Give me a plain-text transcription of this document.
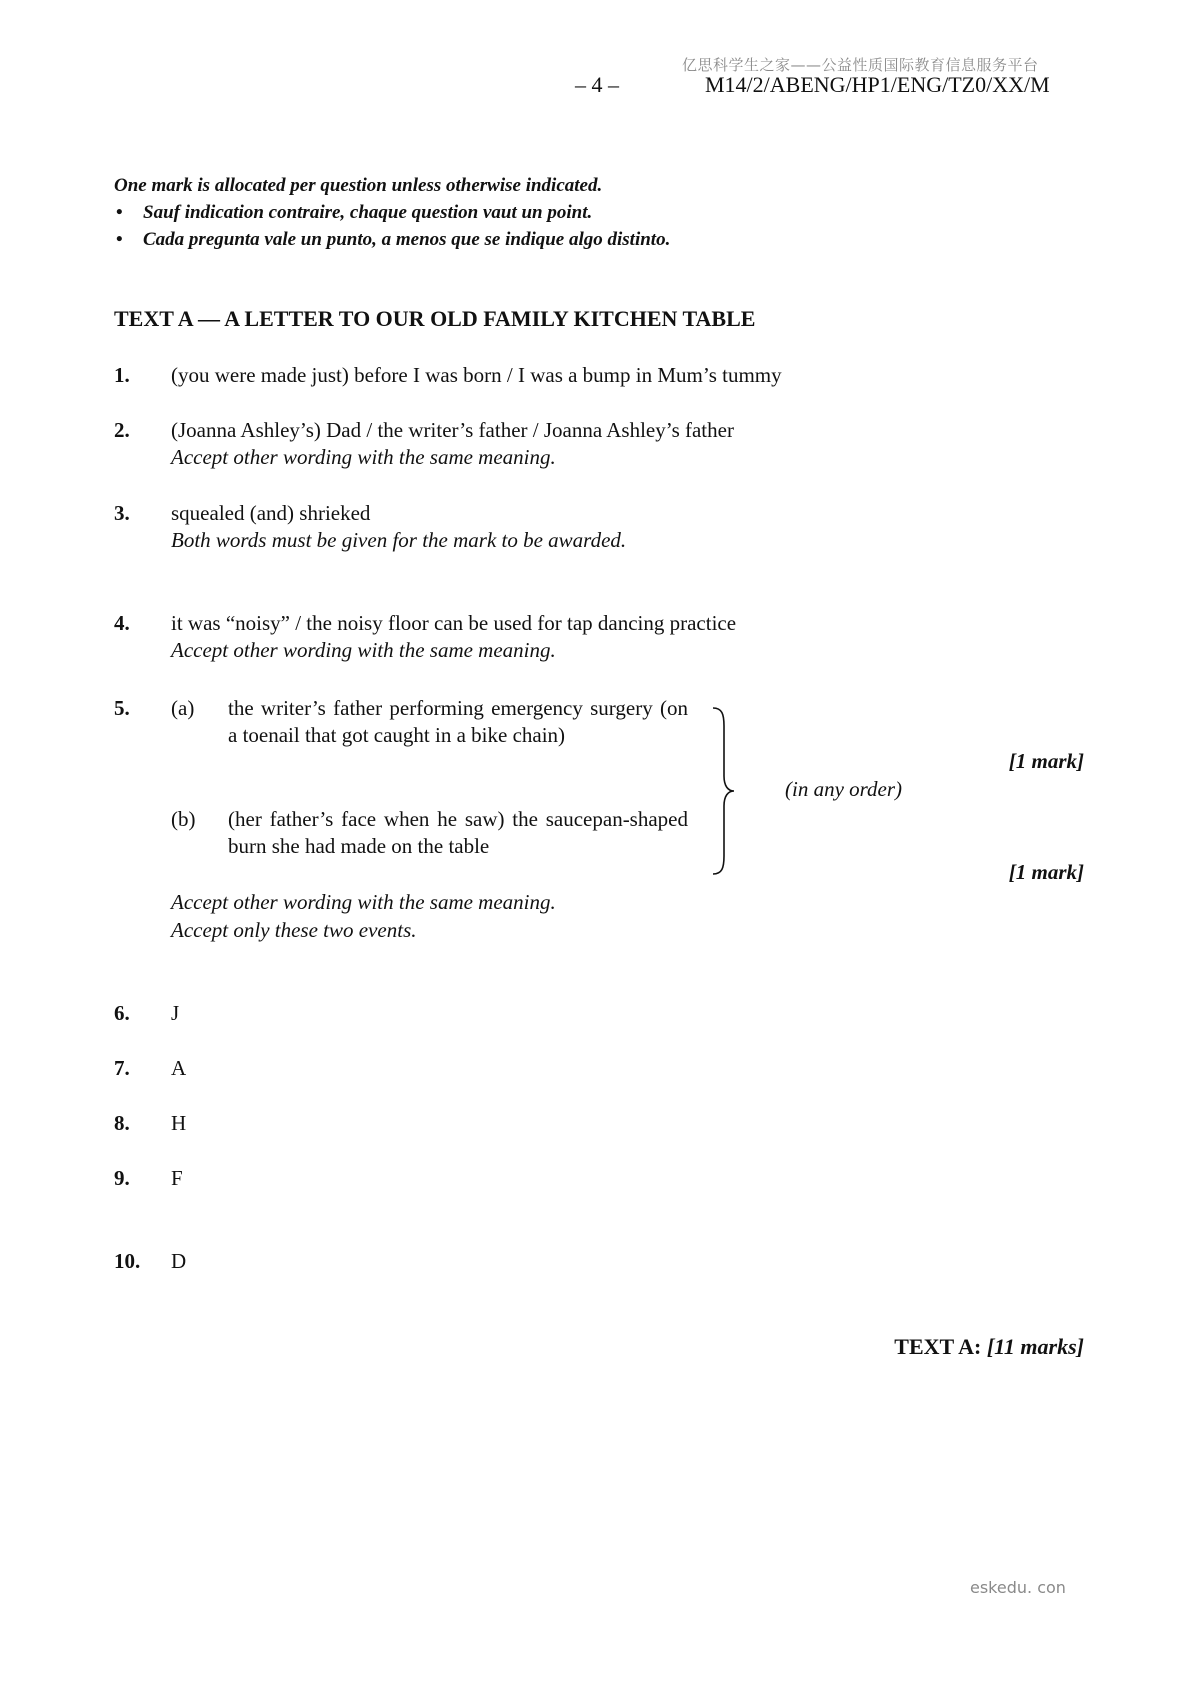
亿思科学生之家——公益性质国际教育信息服务平台
– 4 –	M14/2/ABENG/HP1/ENG/TZ0/XX/M
One mark is allocated per question unless otherwise indicated.
• Sauf indication contraire, chaque question vaut un point.
• Cada pregunta vale un punto, a menos que se indique algo distinto.
TEXT A — A LETTER TO OUR OLD FAMILY KITCHEN TABLE
1.	(you were made just) before I was born / I was a bump in Mum’s tummy
2.	(Joanna Ashley’s) Dad / the writer’s father / Joanna Ashley’s father
Accept other wording with the same meaning.
3.	squealed (and) shrieked
Both words must be given for the mark to be awarded.
4.	it was “noisy” / the noisy floor can be used for tap dancing practice
Accept other wording with the same meaning.
5.	(a) the writer’s father performing emergency surgery (on a toenail that got caught in a bike chain)
[1 mark]
(b) (her father’s face when he saw) the saucepan-shaped burn she had made on the table
[1 mark]
(in any order)
Accept other wording with the same meaning.
Accept only these two events.
6.	J
7.	A
8.	H
9.	F
10.	D
TEXT A: [11 marks]
eskedu. con
